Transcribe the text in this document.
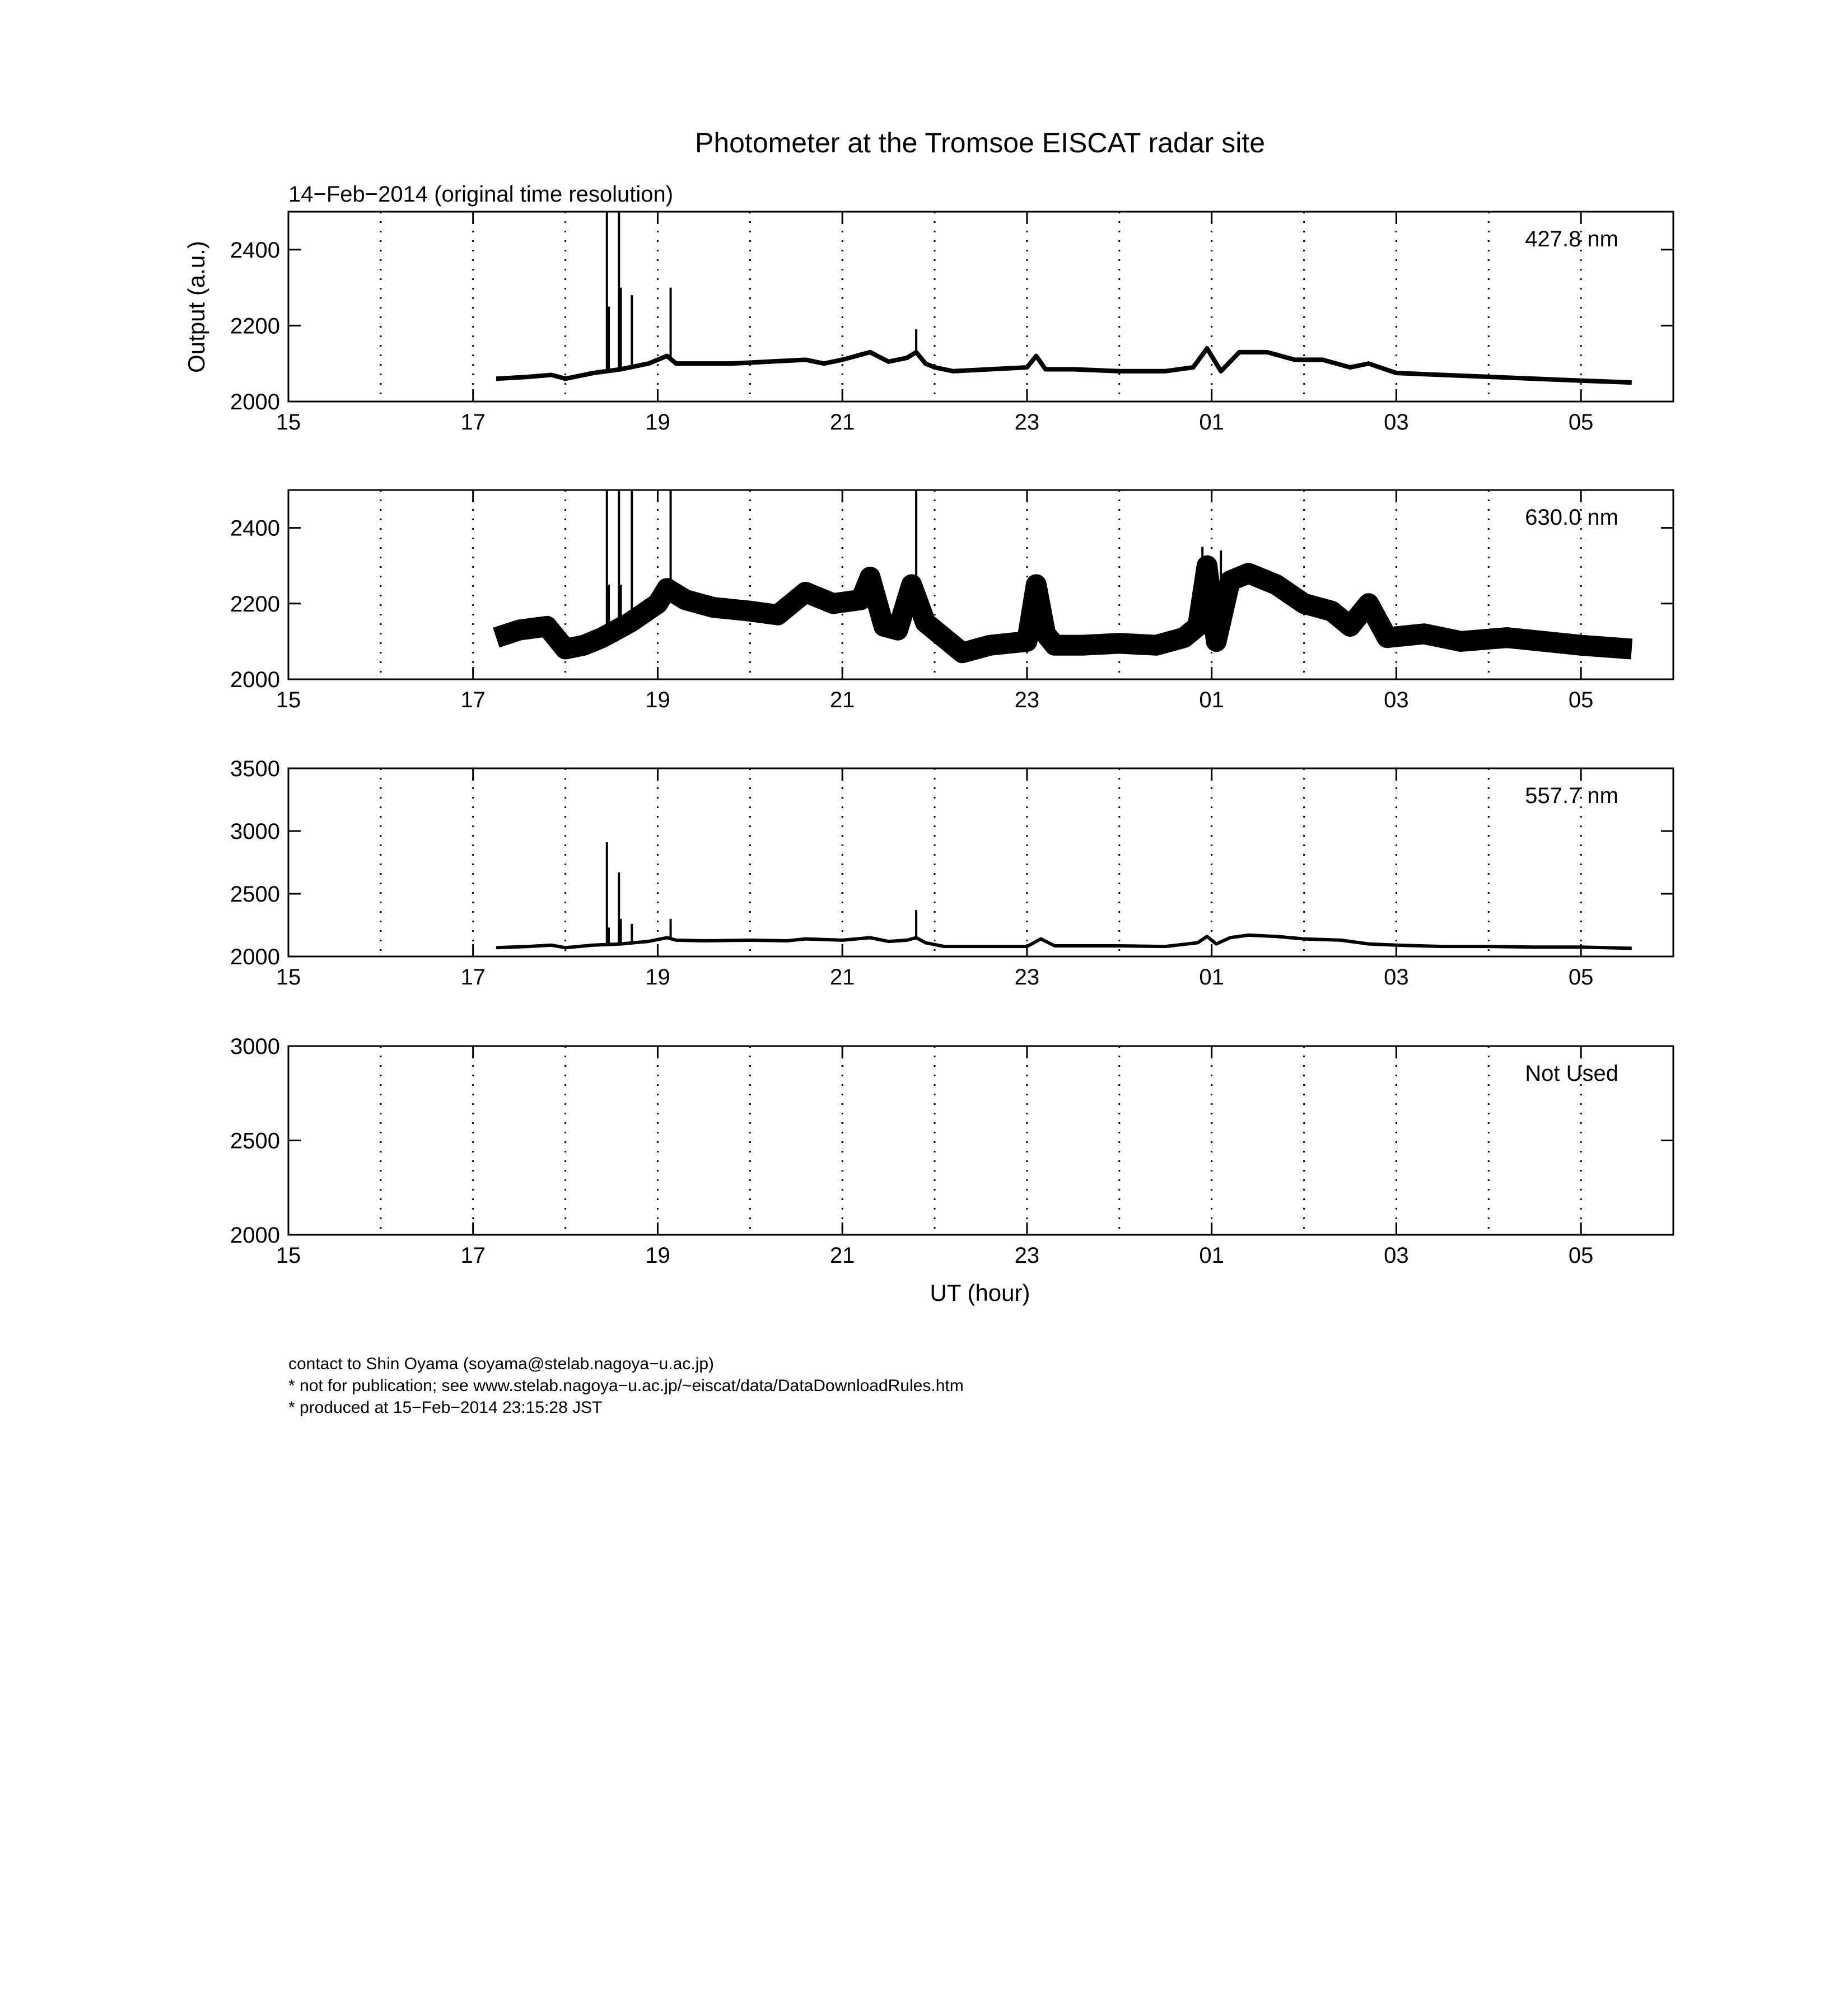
Photometer at the Tromsoe EISCAT radar site
14−Feb−2014 (original time resolution)
Output (a.u.)
UT (hour)
2000
2200
2400
15	17	19	21	23	01	03	05
427.8 nm
2000
2200
2400
15	17	19	21	23	01	03	05
630.0 nm
2000
2500
3000
3500
15	17	19	21	23	01	03	05
557.7 nm
2000
2500
3000
15	17	19	21	23	01	03	05
Not Used
contact to Shin Oyama (soyama@stelab.nagoya−u.ac.jp)
* not for publication; see www.stelab.nagoya−u.ac.jp/~eiscat/data/DataDownloadRules.htm
* produced at 15−Feb−2014 23:15:28 JST
